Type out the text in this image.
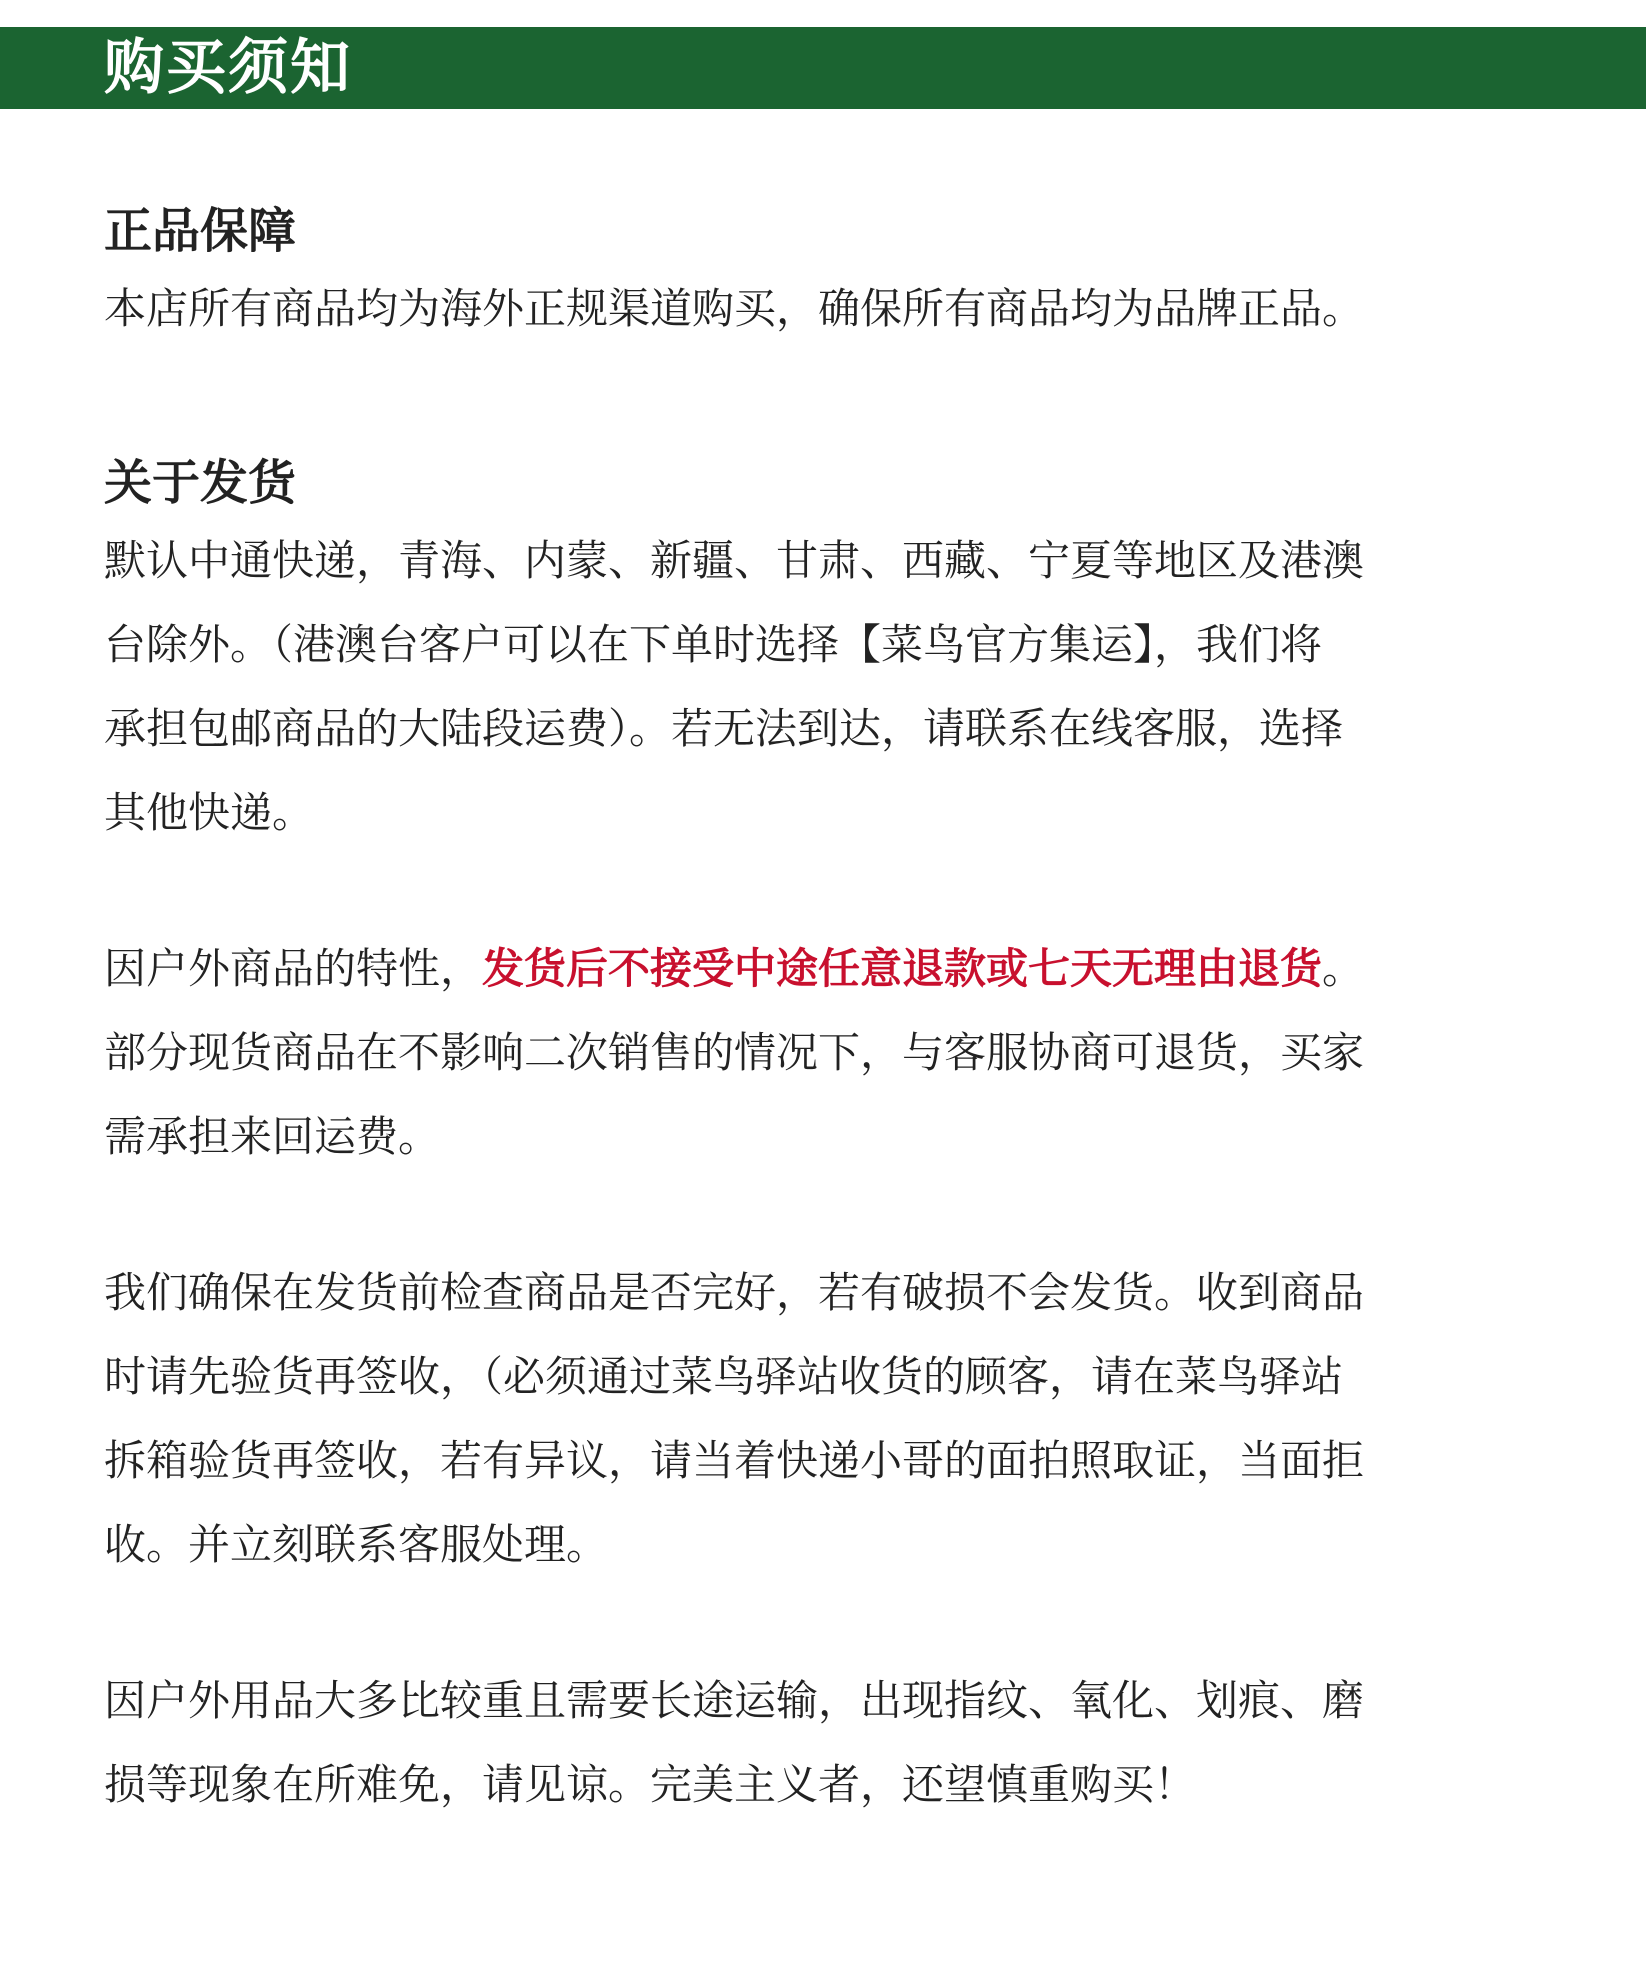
购买须知
正品保障
本店所有商品均为海外正规渠道购买，确保所有商品均为品牌正品。
关于发货
默认中通快递，青海、内蒙、新疆、甘肃、西藏、宁夏等地区及港澳
台除外。（港澳台客户可以在下单时选择【菜鸟官方集运】，我们将
承担包邮商品的大陆段运费）。若无法到达，请联系在线客服，选择
其他快递。
因户外商品的特性，发货后不接受中途任意退款或七天无理由退货。
部分现货商品在不影响二次销售的情况下，与客服协商可退货，买家
需承担来回运费。
我们确保在发货前检查商品是否完好，若有破损不会发货。收到商品
时请先验货再签收，（必须通过菜鸟驿站收货的顾客，请在菜鸟驿站
拆箱验货再签收，若有异议，请当着快递小哥的面拍照取证，当面拒
收。并立刻联系客服处理。
因户外用品大多比较重且需要长途运输，出现指纹、氧化、划痕、磨
损等现象在所难免，请见谅。完美主义者，还望慎重购买！
